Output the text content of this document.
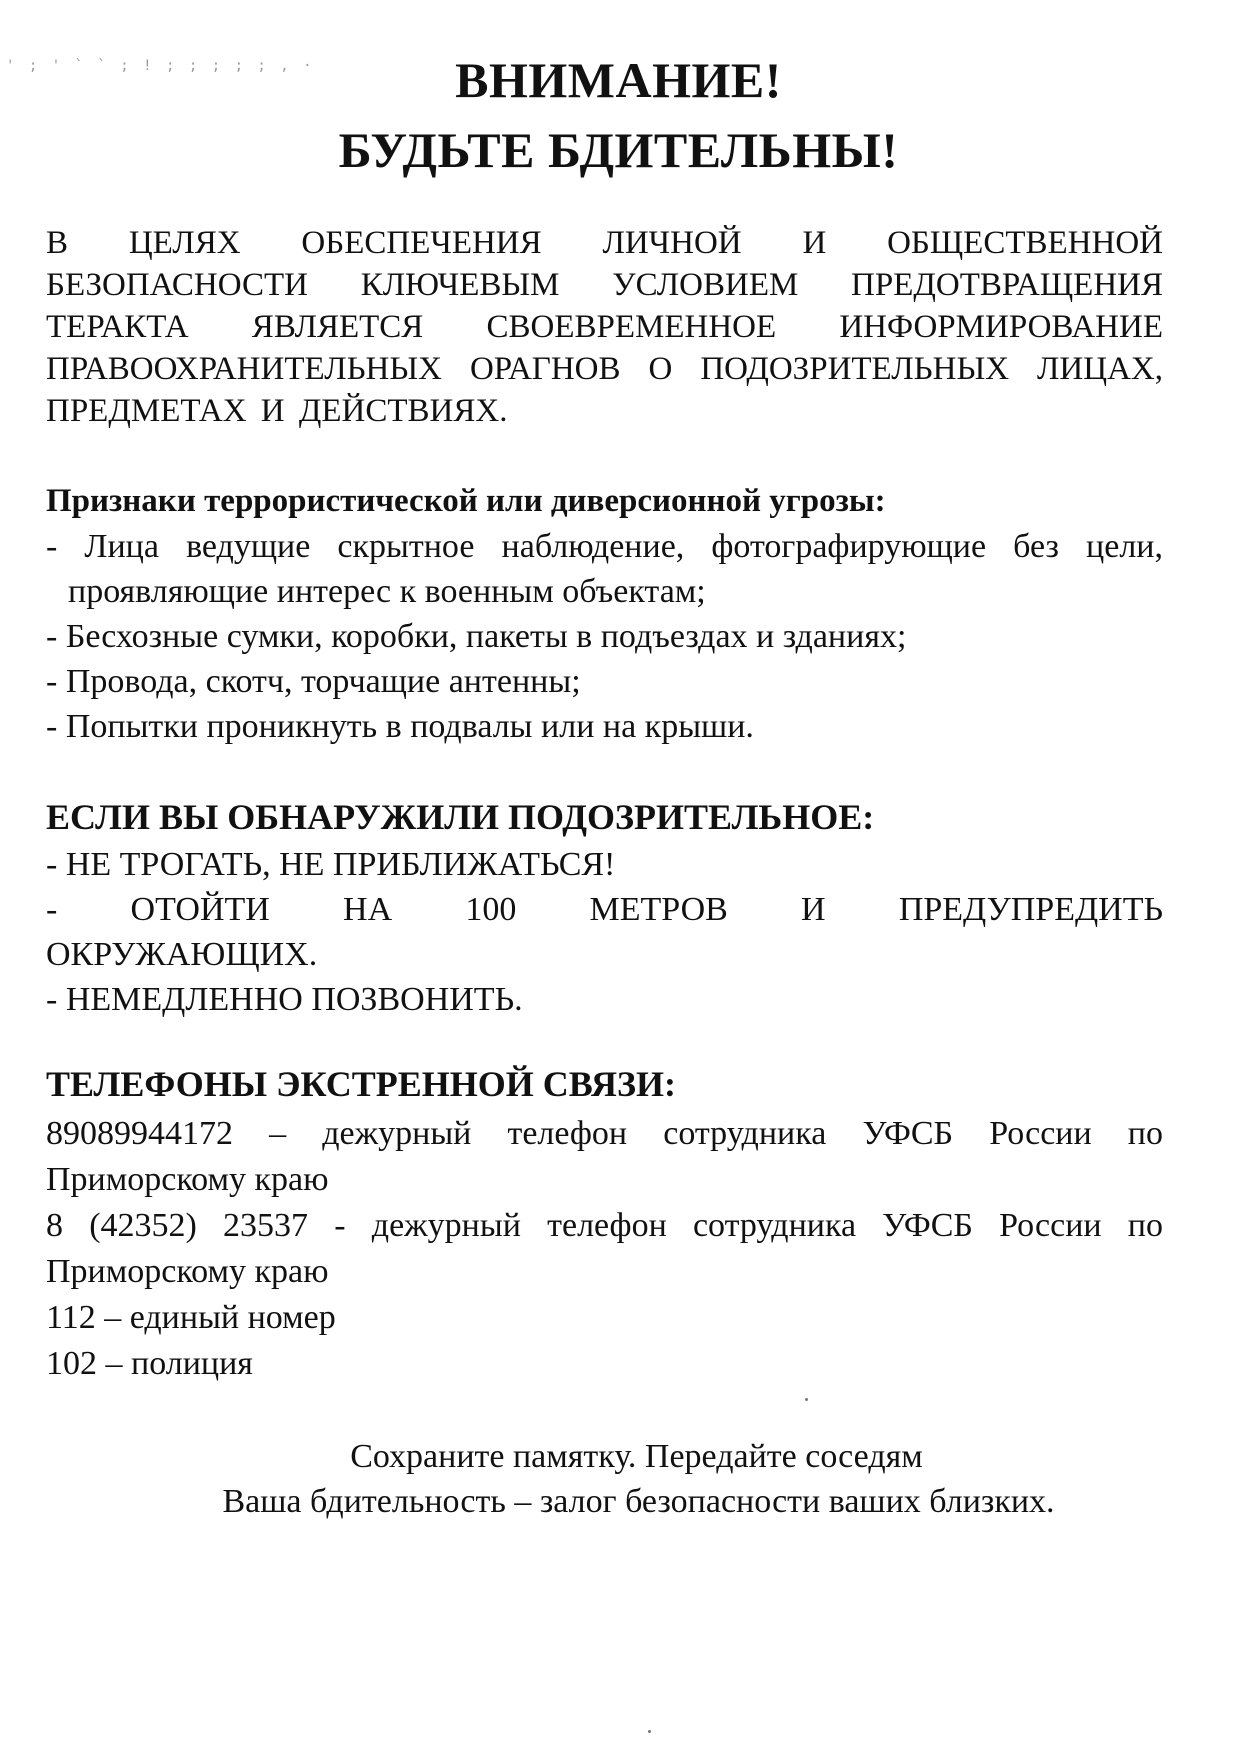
' ; ' ` ` ; ! ; ; ; ; ; , ·	ВНИМАНИЕ!
БУДЬТЕ БДИТЕЛЬНЫ!
В ЦЕЛЯХ ОБЕСПЕЧЕНИЯ ЛИЧНОЙ И ОБЩЕСТВЕННОЙ БЕЗОПАСНОСТИ КЛЮЧЕВЫМ УСЛОВИЕМ ПРЕДОТВРАЩЕНИЯ ТЕРАКТА ЯВЛЯЕТСЯ СВОЕВРЕМЕННОЕ ИНФОРМИРОВАНИЕ ПРАВООХРАНИТЕЛЬНЫХ ОРАГНОВ О ПОДОЗРИТЕЛЬНЫХ ЛИЦАХ, ПРЕДМЕТАХ И ДЕЙСТВИЯХ.
Признаки террористической или диверсионной угрозы:
- Лица ведущие скрытное наблюдение, фотографирующие без цели, проявляющие интерес к военным объектам;
- Бесхозные сумки, коробки, пакеты в подъездах и зданиях;
- Провода, скотч, торчащие антенны;
- Попытки проникнуть в подвалы или на крыши.
ЕСЛИ ВЫ ОБНАРУЖИЛИ ПОДОЗРИТЕЛЬНОЕ:
- НЕ ТРОГАТЬ, НЕ ПРИБЛИЖАТЬСЯ!
- ОТОЙТИ НА 100 МЕТРОВ И ПРЕДУПРЕДИТЬ ОКРУЖАЮЩИХ.
- НЕМЕДЛЕННО ПОЗВОНИТЬ.
ТЕЛЕФОНЫ ЭКСТРЕННОЙ СВЯЗИ:
89089944172 – дежурный телефон сотрудника УФСБ России по Приморскому краю
8 (42352) 23537 - дежурный телефон сотрудника УФСБ России по Приморскому краю
112 – единый номер
102 – полиция
Сохраните памятку. Передайте соседям
Ваша бдительность – залог безопасности ваших близких.
